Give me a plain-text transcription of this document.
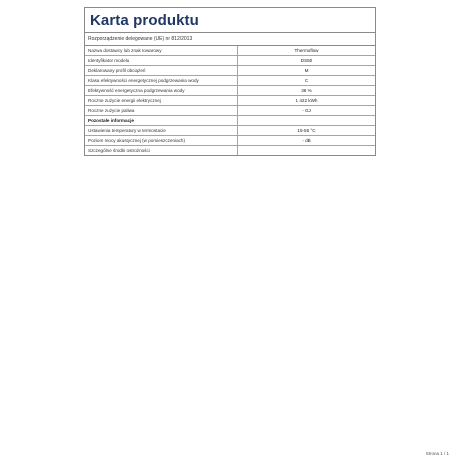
Karta produktu
Rozporządzenie delegowane (UE) nr 812/2013
Nazwa dostawcy lub znak towarowy	Thermoflow
Identyfikator modelu	DS50
Deklarowany profil obciążeń	M
Klasa efektywności energetycznej podgrzewania wody	C
Efektywność energetyczna podgrzewania wody	36 %
Roczne zużycie energii elektrycznej	1 422 kWh
Roczne zużycie paliwa	- GJ
Pozostałe informacje	
Ustawienia temperatury w termostacie	15-55 °C
Poziom mocy akustycznej (w pomieszczeniach)	- dB
Szczególne środki ostrożności	
Strona 1 / 1
